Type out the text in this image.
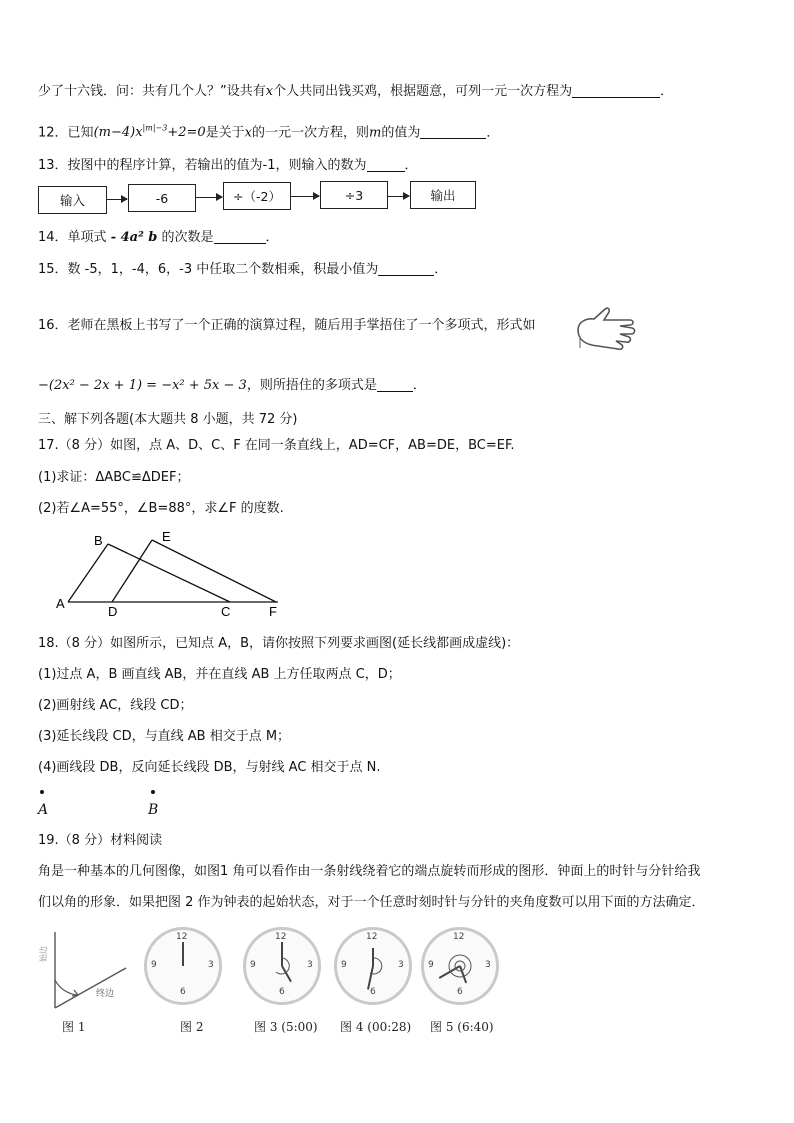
少了十六钱．问：共有几个人？”设共有x个人共同出钱买鸡，根据题意，可列一元一次方程为	．
12．已知$(m-4)x^{|m|-3}+2=0$是关于x的一元一次方程，则m的值为	．
13．按图中的程序计算，若输出的值为-1，则输入的数为	．
输入	-6	÷（-2）	÷3	输出
14．单项式 - 4a² b 的次数是	．
15．数 -5，1，-4，6，-3 中任取二个数相乘，积最小值为	．
16．老师在黑板上书写了一个正确的演算过程，随后用手掌捂住了一个多项式，形式如
−(2x² − 2x + 1) = −x² + 5x − 3，则所捂住的多项式是	．
三、解下列各题(本大题共 8 小题，共 72 分)
17.（8 分）如图，点 A、D、C、F 在同一条直线上，AD=CF，AB=DE，BC=EF.
(1)求证：ΔABC≌ΔDEF；
(2)若∠A=55°，∠B=88°，求∠F 的度数.
A
B
D
E
C	F
18.（8 分）如图所示，已知点 A，B，请你按照下列要求画图(延长线都画成虚线)：
(1)过点 A，B 画直线 AB，并在直线 AB 上方任取两点 C，D；
(2)画射线 AC，线段 CD；
(3)延长线段 CD，与直线 AB 相交于点 M；
(4)画线段 DB，反向延长线段 DB，与射线 AC 相交于点 N.
A	B
19.（8 分）材料阅读
角是一种基本的几何图像，如图1 角可以看作由一条射线绕着它的端点旋转而形成的图形．钟面上的时针与分针给我
们以角的形象．如果把图 2 作为钟表的起始状态，对于一个任意时刻时针与分针的夹角度数可以用下面的方法确定．
始边
终边
12
3
6
9
12
3
6
9
12
3
6
9
12
3
6
9
图 1	图 2	图 3 (5:00) 图 4 (00:28) 图 5 (6:40)
